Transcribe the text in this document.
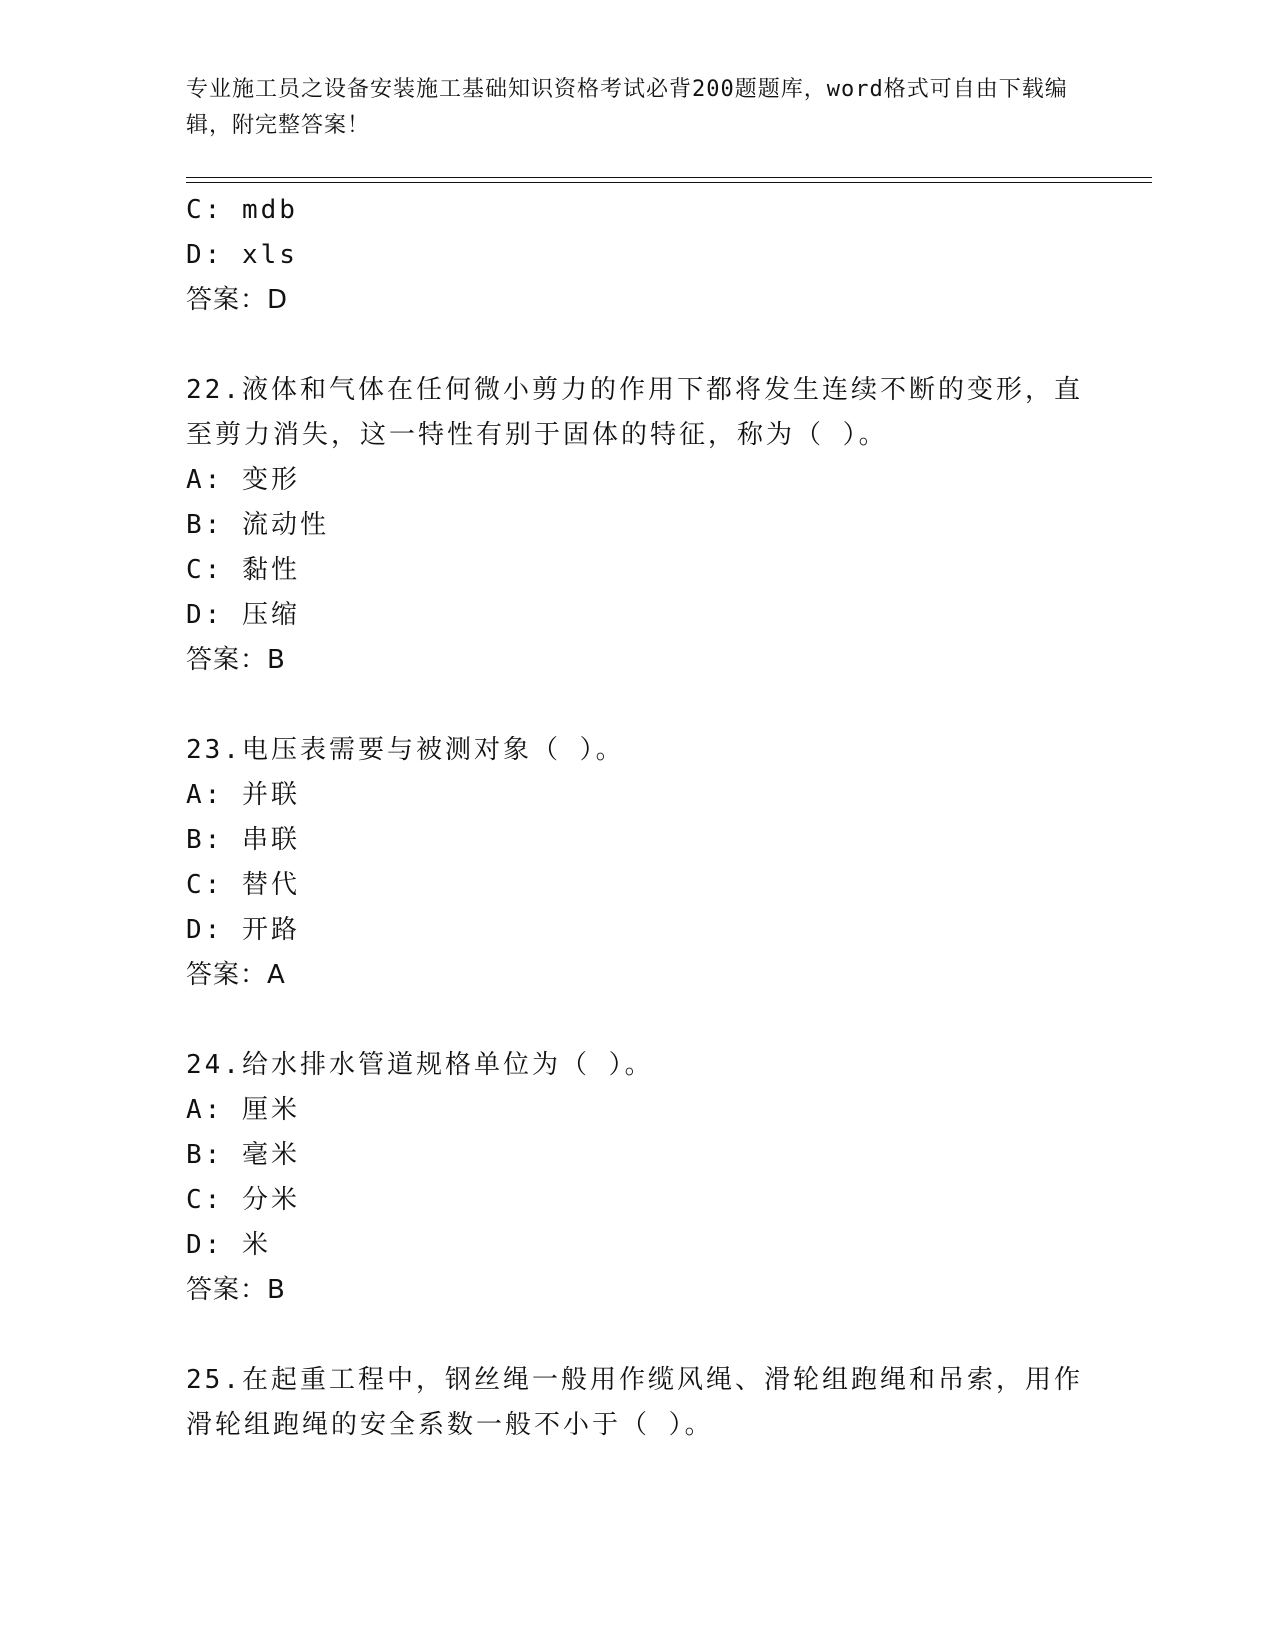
专业施工员之设备安装施工基础知识资格考试必背200题题库，word格式可自由下载编辑，附完整答案！
C: mdb
D: xls
答案：D
22.液体和气体在任何微小剪力的作用下都将发生连续不断的变形，直
至剪力消失，这一特性有别于固体的特征，称为（ ）。
A: 变形
B: 流动性
C: 黏性
D: 压缩
答案：B
23.电压表需要与被测对象（ ）。
A: 并联
B: 串联
C: 替代
D: 开路
答案：A
24.给水排水管道规格单位为（ ）。
A: 厘米
B: 毫米
C: 分米
D: 米
答案：B
25.在起重工程中，钢丝绳一般用作缆风绳、滑轮组跑绳和吊索，用作
滑轮组跑绳的安全系数一般不小于（ ）。
